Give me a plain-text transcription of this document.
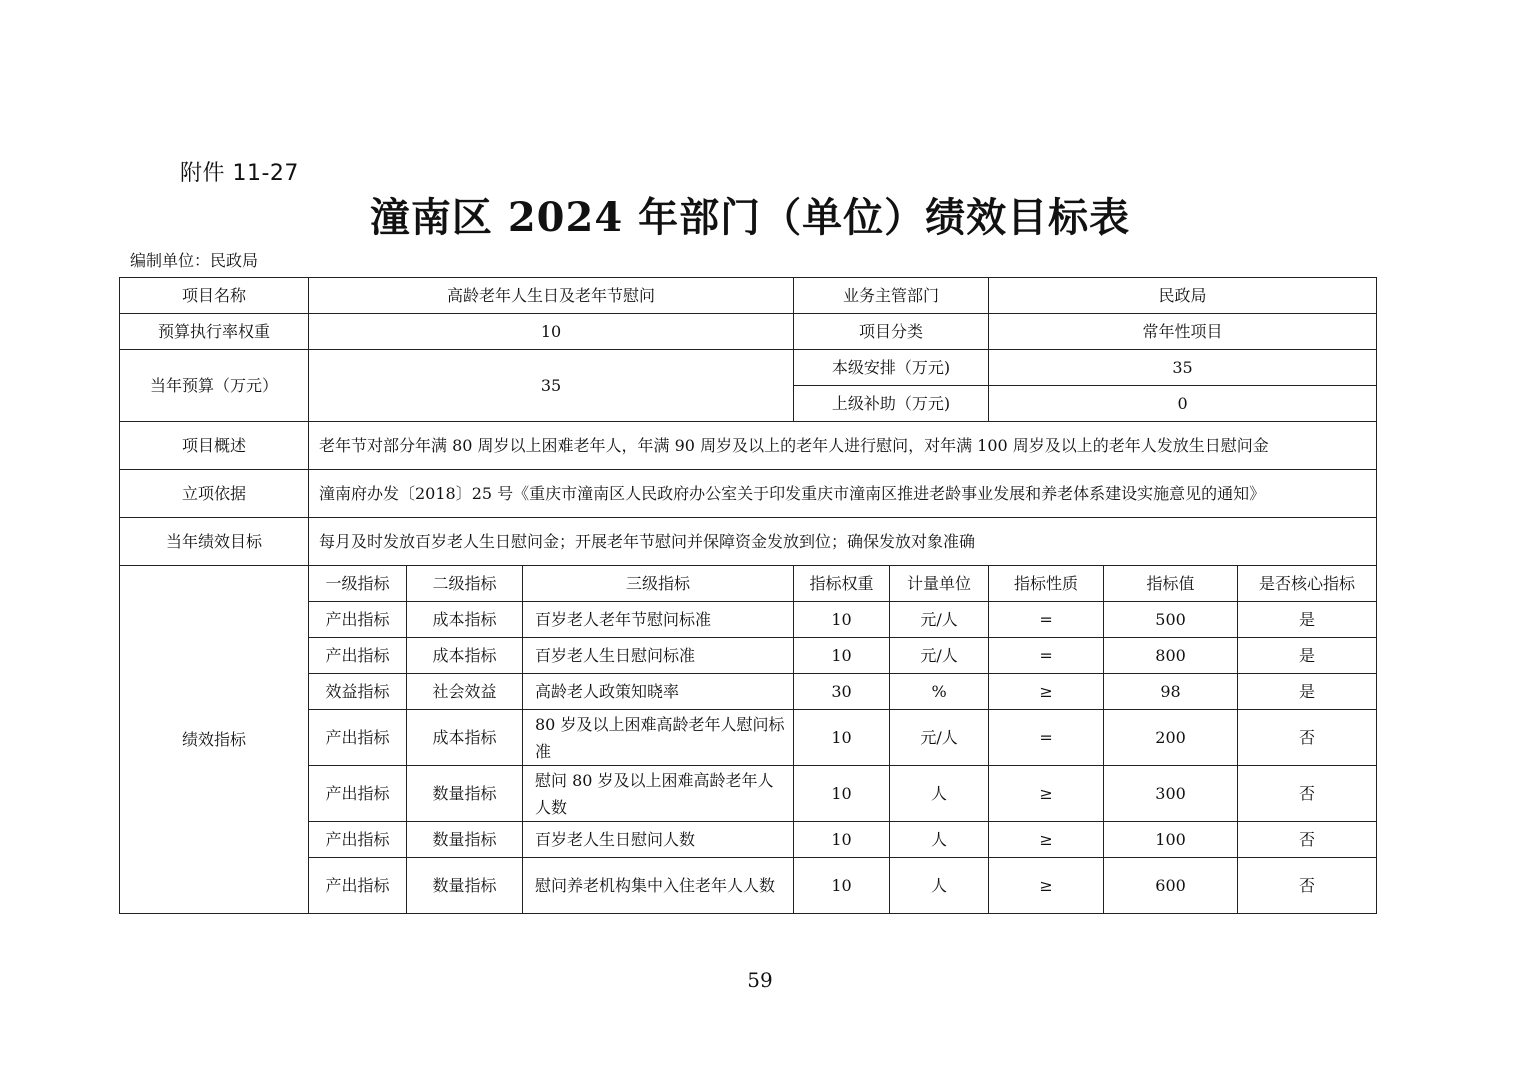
附件 11-27
潼南区 2024 年部门（单位）绩效目标表
编制单位：民政局
项目名称	高龄老年人生日及老年节慰问			业务主管部门		民政局		
预算执行率权重	10			项目分类		常年性项目		
当年预算（万元）	35			本级安排（万元)		35		
				上级补助（万元)		0		
项目概述	老年节对部分年满 80 周岁以上困难老年人，年满 90 周岁及以上的老年人进行慰问，对年满 100 周岁及以上的老年人发放生日慰问金							
立项依据	潼南府办发〔2018〕25 号《重庆市潼南区人民政府办公室关于印发重庆市潼南区推进老龄事业发展和养老体系建设实施意见的通知》							
当年绩效目标	每月及时发放百岁老人生日慰问金；开展老年节慰问并保障资金发放到位；确保发放对象准确							
绩效指标	一级指标	二级指标	三级指标	指标权重	计量单位	指标性质	指标值	是否核心指标
	产出指标	成本指标	百岁老人老年节慰问标准	10	元/人	=	500	是
	产出指标	成本指标	百岁老人生日慰问标准	10	元/人	=	800	是
	效益指标	社会效益	高龄老人政策知晓率	30	%	≥	98	是
	产出指标	成本指标	80 岁及以上困难高龄老年人慰问标准	10	元/人	=	200	否
	产出指标	数量指标	慰问 80 岁及以上困难高龄老年人人数	10	人	≥	300	否
	产出指标	数量指标	百岁老人生日慰问人数	10	人	≥	100	否
	产出指标	数量指标	慰问养老机构集中入住老年人人数	10	人	≥	600	否
59
